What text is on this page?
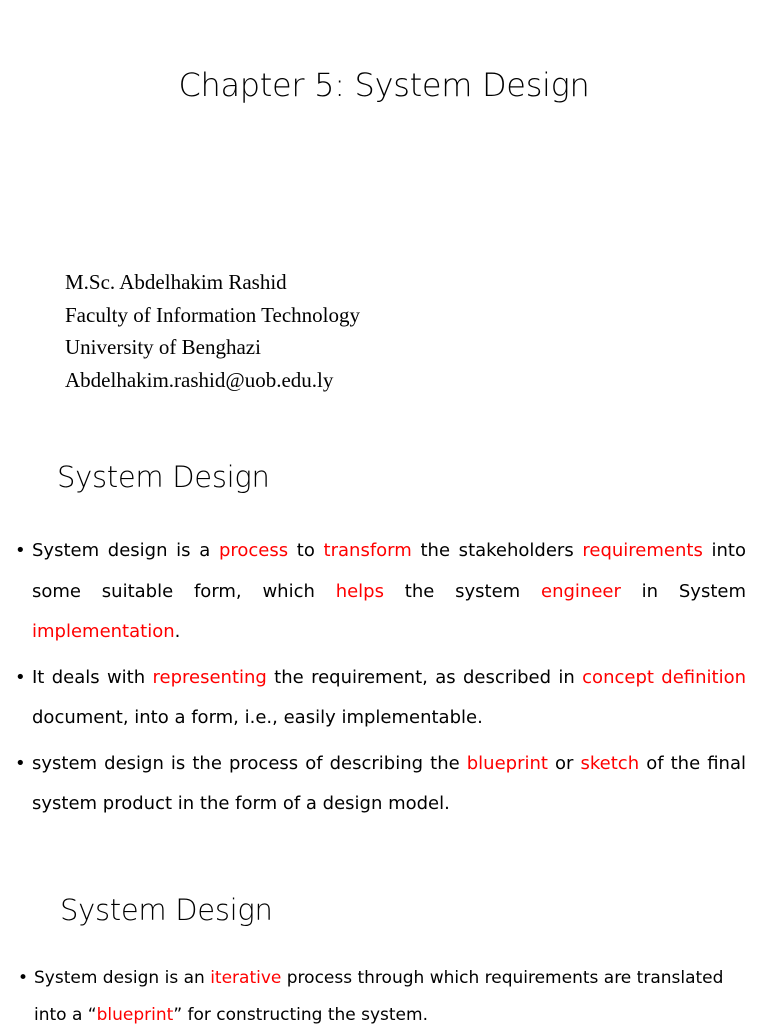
Chapter 5: System Design
M.Sc. Abdelhakim Rashid
Faculty of Information Technology
University of Benghazi
Abdelhakim.rashid@uob.edu.ly
System Design
• System design is a process to transform the stakeholders requirements into some suitable form, which helps the system engineer in System implementation.
• It deals with representing the requirement, as described in concept definition document, into a form, i.e., easily implementable.
• system design is the process of describing the blueprint or sketch of the final system product in the form of a design model.
System Design
• System design is an iterative process through which requirements are translated into a “blueprint” for constructing the system.
